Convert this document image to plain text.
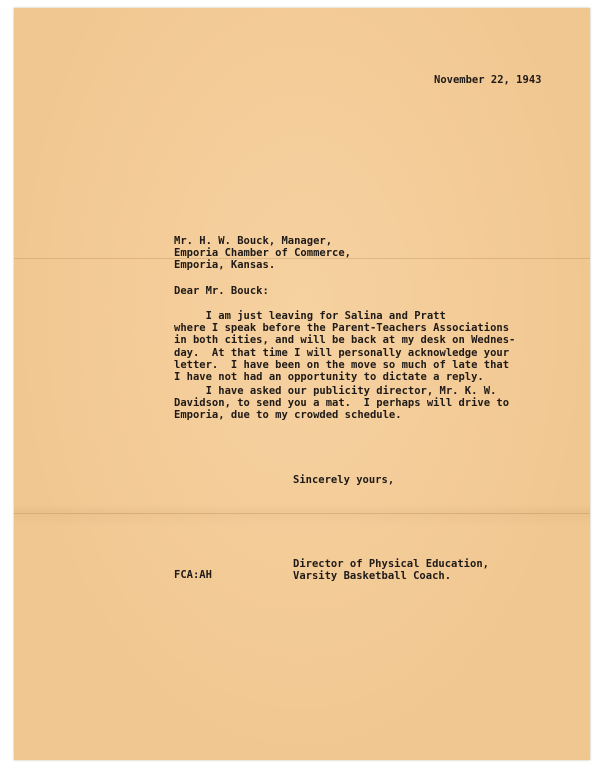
November 22, 1943
Mr. H. W. Bouck, Manager,
Emporia Chamber of Commerce,
Emporia, Kansas.
Dear Mr. Bouck:
I am just leaving for Salina and Pratt
where I speak before the Parent-Teachers Associations
in both cities, and will be back at my desk on Wednes-
day.  At that time I will personally acknowledge your
letter.  I have been on the move so much of late that
I have not had an opportunity to dictate a reply.
I have asked our publicity director, Mr. K. W.
Davidson, to send you a mat.  I perhaps will drive to
Emporia, due to my crowded schedule.
Sincerely yours,
Director of Physical Education,
Varsity Basketball Coach.
FCA:AH
